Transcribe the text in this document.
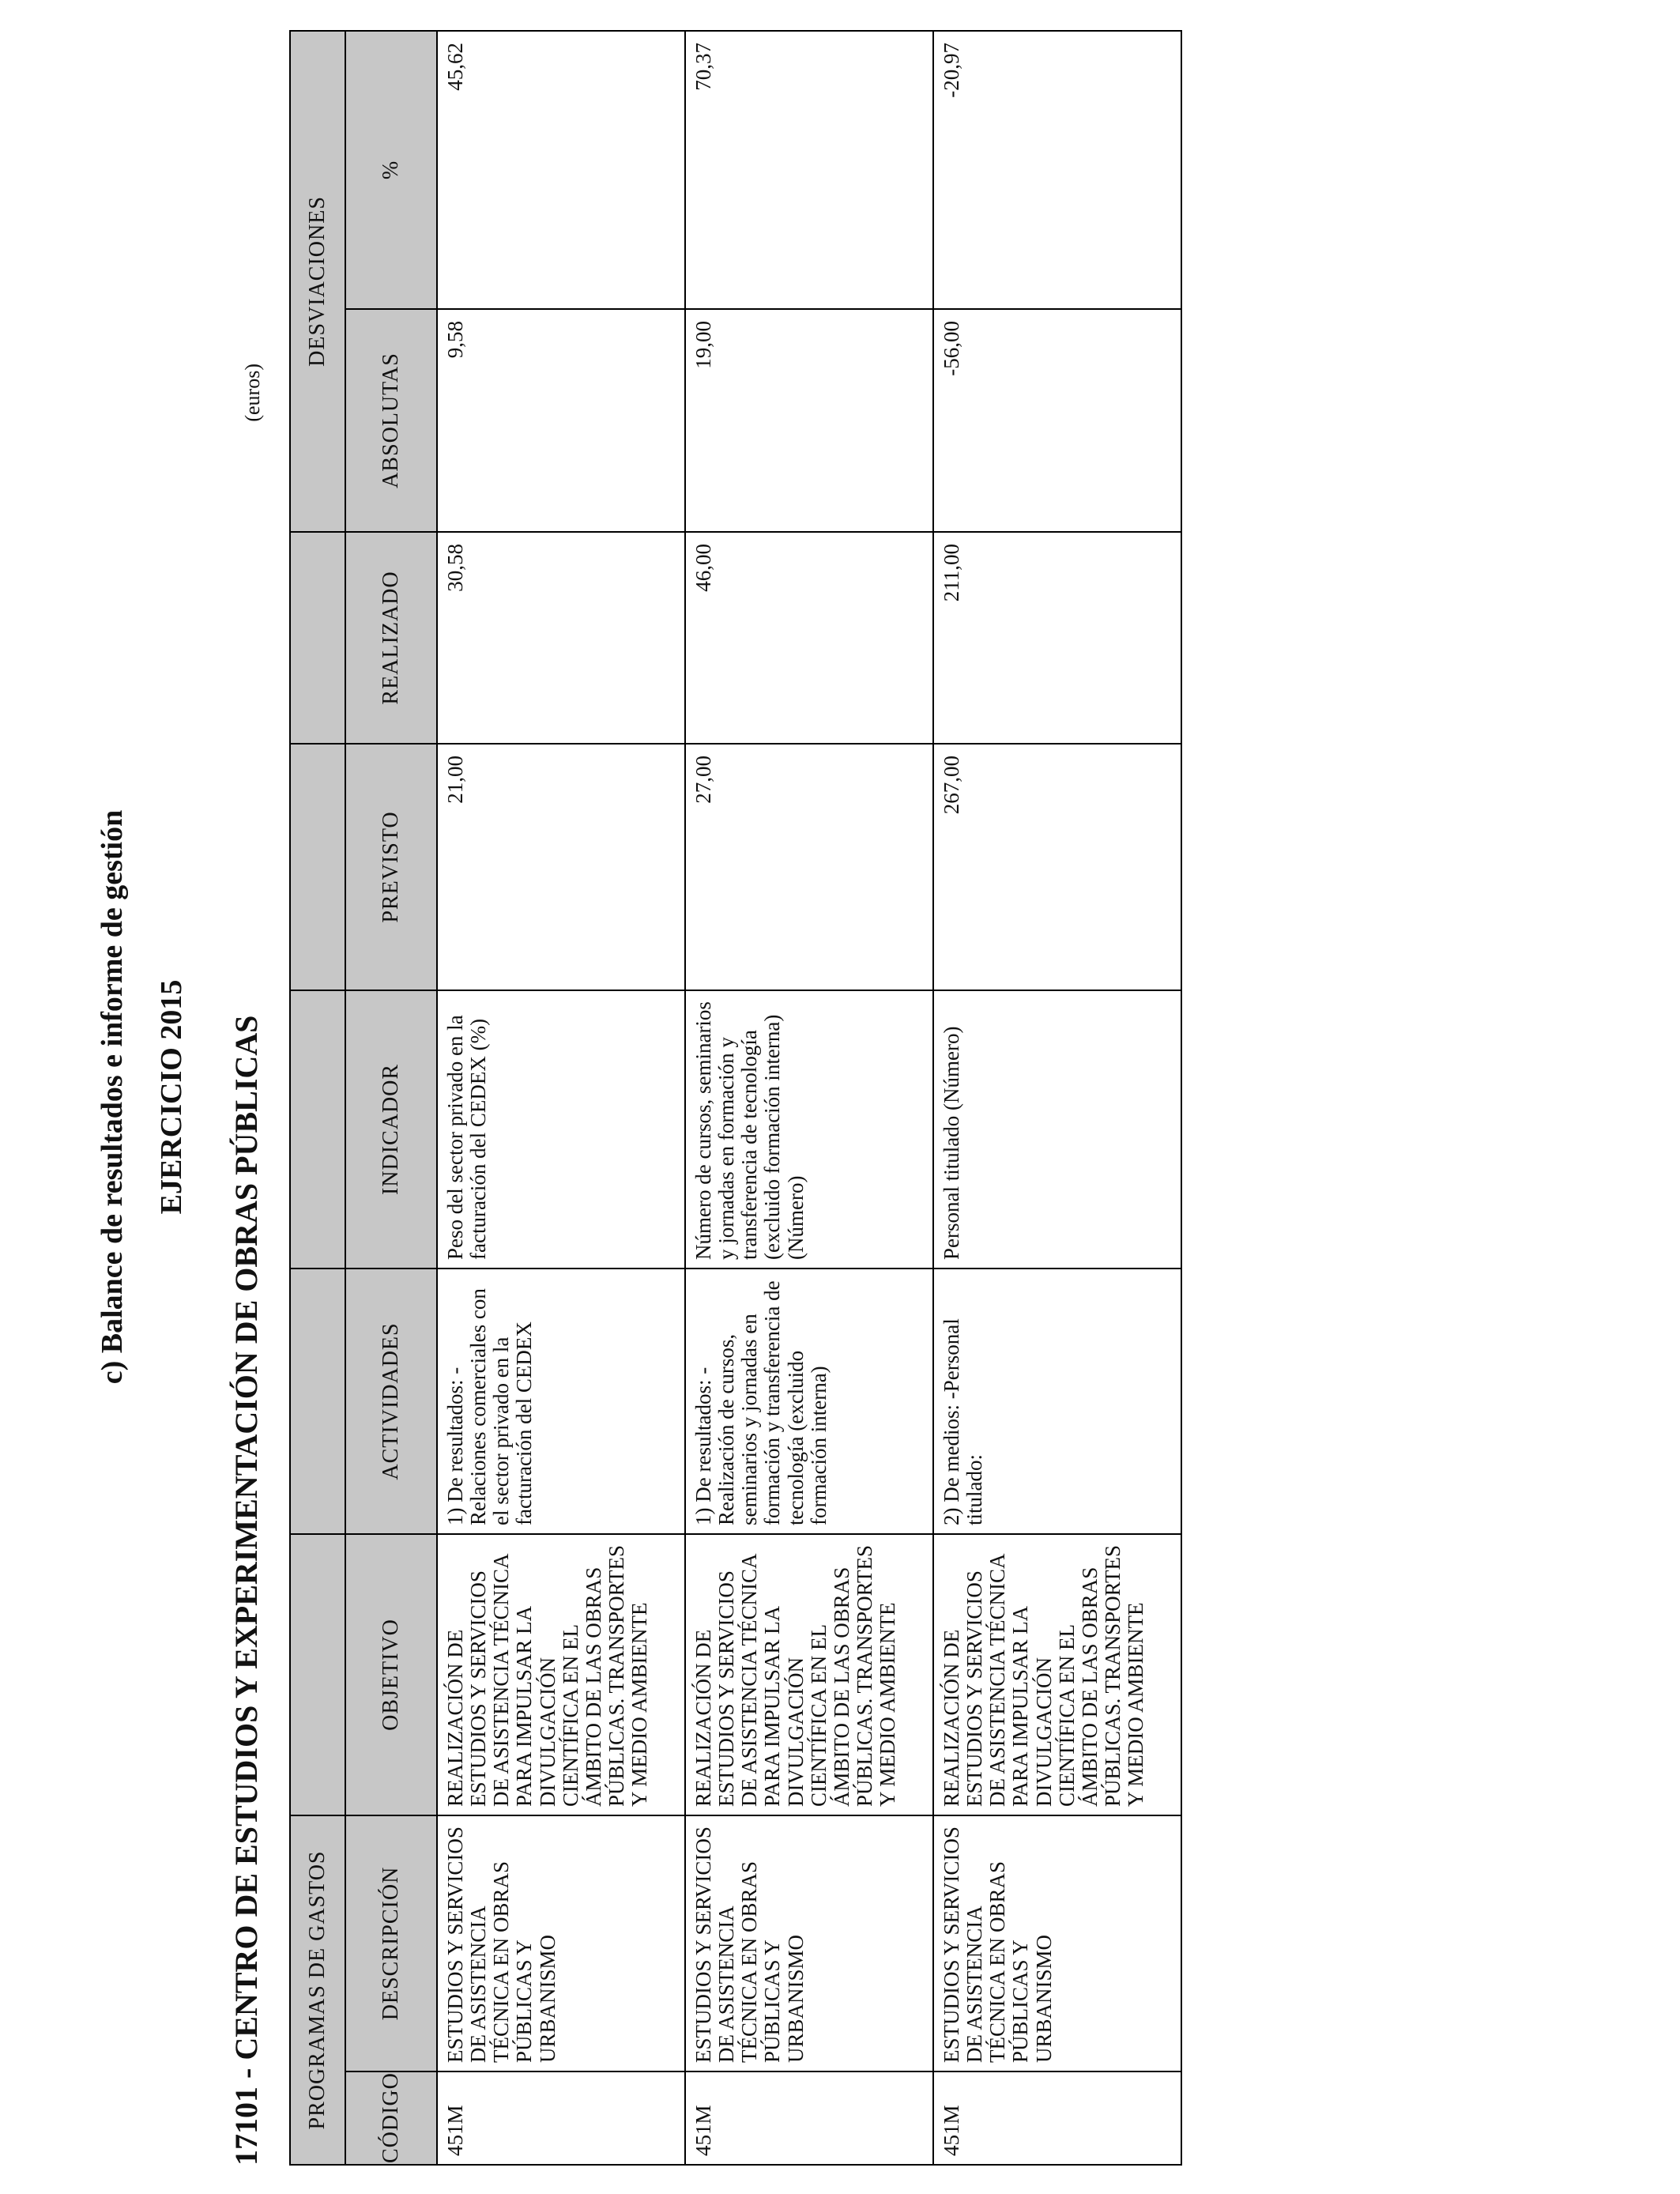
c) Balance de resultados e informe de gestión EJERCICIO 2015 17101 - CENTRO DE ESTUDIOS Y EXPERIMENTACIÓN DE OBRAS PÚBLICAS
(euros)
PROGRAMAS DE GASTOS							DESVIACIONES	
CÓDIGO	DESCRIPCIÓN	OBJETIVO	ACTIVIDADES	INDICADOR	PREVISTO	REALIZADO	ABSOLUTAS	%
451M	ESTUDIOS Y SERVICIOS DE ASISTENCIA TÉCNICA EN OBRAS PÚBLICAS Y URBANISMO	REALIZACIÓN DE ESTUDIOS Y SERVICIOS DE ASISTENCIA TÉCNICA PARA IMPULSAR LA DIVULGACIÓN CIENTÍFICA EN EL ÁMBITO DE LAS OBRAS PÚBLICAS. TRANSPORTES Y MEDIO AMBIENTE	1) De resultados: -Relaciones comerciales con el sector privado en la facturación del CEDEX	Peso del sector privado en la facturación del CEDEX (%)	21,00	30,58	9,58	45,62
451M	ESTUDIOS Y SERVICIOS DE ASISTENCIA TÉCNICA EN OBRAS PÚBLICAS Y URBANISMO	REALIZACIÓN DE ESTUDIOS Y SERVICIOS DE ASISTENCIA TÉCNICA PARA IMPULSAR LA DIVULGACIÓN CIENTÍFICA EN EL ÁMBITO DE LAS OBRAS PÚBLICAS. TRANSPORTES Y MEDIO AMBIENTE	1) De resultados: -Realización de cursos, seminarios y jornadas en formación y transferencia de tecnología (excluido formación interna)	Número de cursos, seminarios y jornadas en formación y transferencia de tecnología (excluido formación interna) (Número)	27,00	46,00	19,00	70,37
451M	ESTUDIOS Y SERVICIOS DE ASISTENCIA TÉCNICA EN OBRAS PÚBLICAS Y URBANISMO	REALIZACIÓN DE ESTUDIOS Y SERVICIOS DE ASISTENCIA TÉCNICA PARA IMPULSAR LA DIVULGACIÓN CIENTÍFICA EN EL ÁMBITO DE LAS OBRAS PÚBLICAS. TRANSPORTES Y MEDIO AMBIENTE	2) De medios: -Personal titulado:	Personal titulado (Número)	267,00	211,00	-56,00	-20,97
